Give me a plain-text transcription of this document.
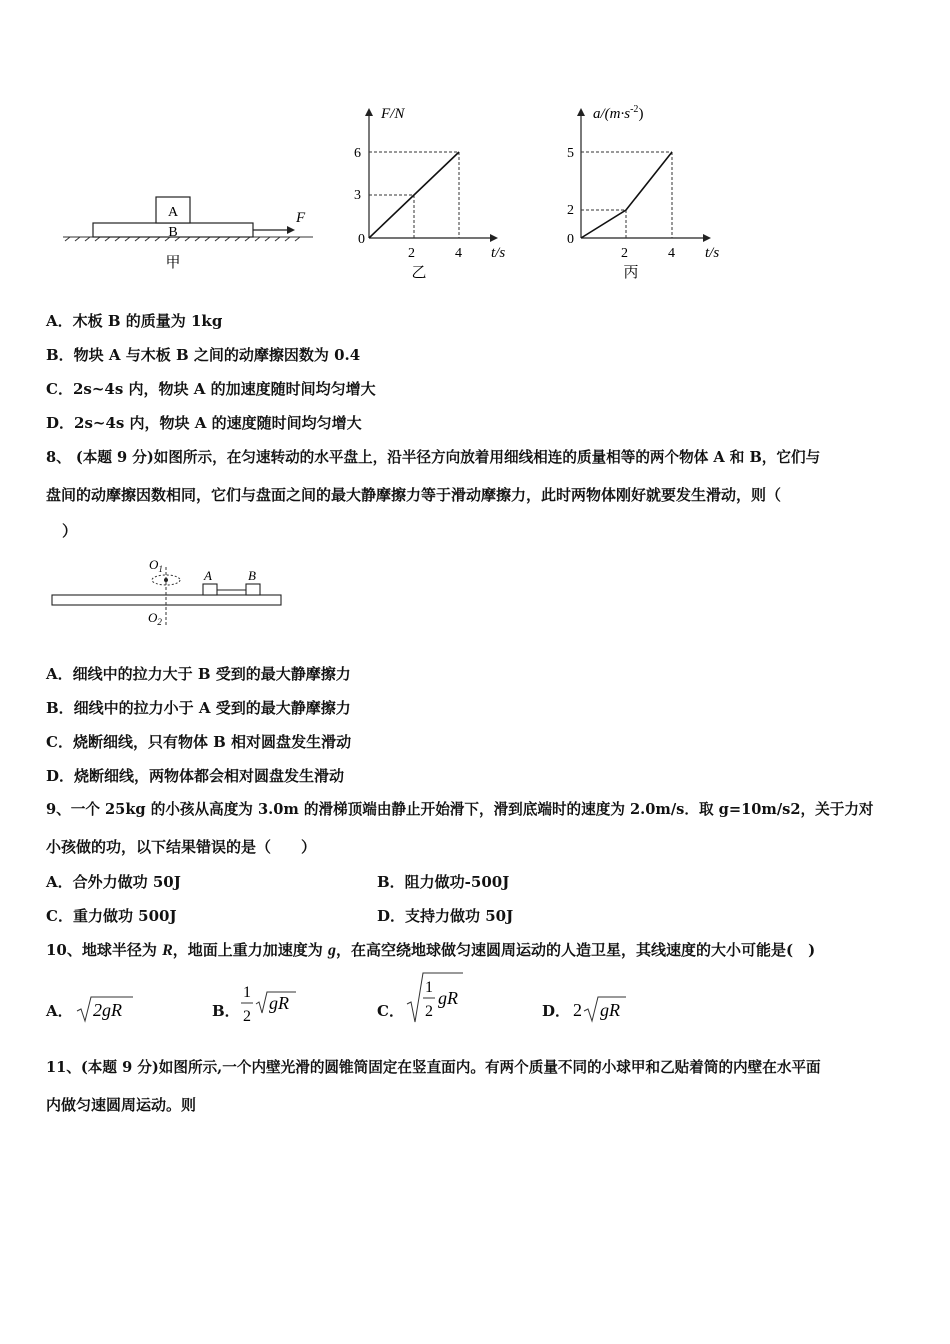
A
B
F
甲
F/N
t/s
0
6
3
2	4
乙
$a/(m\cdot s^{-2})$
t/s
0
5
2
2	4
丙
A．木板 B 的质量为 1kg
B．物块 A 与木板 B 之间的动摩擦因数为 0.4
C．2s~4s 内，物块 A 的加速度随时间均匀增大
D．2s~4s 内，物块 A 的速度随时间均匀增大
8、 (本题 9 分)如图所示，在匀速转动的水平盘上，沿半径方向放着用细线相连的质量相等的两个物体 A 和 B，它们与
盘间的动摩擦因数相同，它们与盘面之间的最大静摩擦力等于滑动摩擦力，此时两物体刚好就要发生滑动，则（
）
$O_1$
$O_2$
A	B
A．细线中的拉力大于 B 受到的最大静摩擦力
B．细线中的拉力小于 A 受到的最大静摩擦力
C．烧断细线，只有物体 B 相对圆盘发生滑动
D．烧断细线，两物体都会相对圆盘发生滑动
9、一个 25kg 的小孩从高度为 3.0m 的滑梯顶端由静止开始滑下，滑到底端时的速度为 2.0m/s．取 g=10m/s2，关于力对
小孩做的功，以下结果错误的是（　　）
A．合外力做功 50J	B．阻力做功-500J
C．重力做功 500J	D．支持力做功 50J
10、地球半径为 R，地面上重力加速度为 g，在高空绕地球做匀速圆周运动的人造卫星，其线速度的大小可能是(　)
A． 2gR	B．
1
2
gR	C．
1
2
gR
D． 2 gR
11、(本题 9 分)如图所示,一个内壁光滑的圆锥筒固定在竖直面内。有两个质量不同的小球甲和乙贴着筒的内壁在水平面
内做匀速圆周运动。则
